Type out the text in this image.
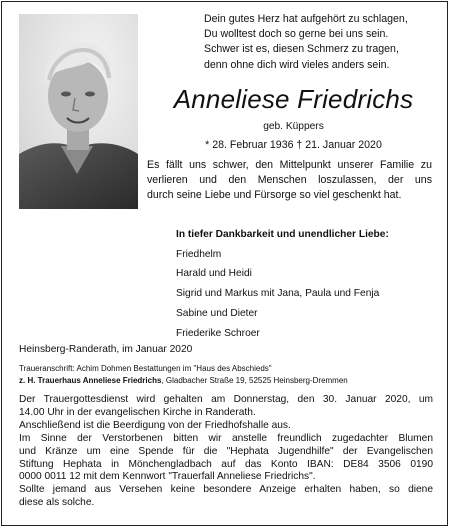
Dein gutes Herz hat aufgehört zu schlagen,
Du wolltest doch so gerne bei uns sein.
Schwer ist es, diesen Schmerz zu tragen,
denn ohne dich wird vieles anders sein.
Anneliese Friedrichs
geb. Küppers
* 28. Februar 1936 † 21. Januar 2020
Es fällt uns schwer, den Mittelpunkt unserer Familie zu
verlieren und den Menschen loszulassen, der uns
durch seine Liebe und Fürsorge so viel geschenkt hat.
In tiefer Dankbarkeit und unendlicher Liebe:
Friedhelm
Harald und Heidi
Sigrid und Markus mit Jana, Paula und Fenja
Sabine und Dieter
Friederike Schroer
Heinsberg-Randerath, im Januar 2020
Traueranschrift: Achim Dohmen Bestattungen im "Haus des Abschieds"
z. H. Trauerhaus Anneliese Friedrichs, Gladbacher Straße 19, 52525 Heinsberg-Dremmen
Der Trauergottesdienst wird gehalten am Donnerstag, den 30. Januar 2020, um
14.00 Uhr in der evangelischen Kirche in Randerath.
Anschließend ist die Beerdigung von der Friedhofshalle aus.
Im Sinne der Verstorbenen bitten wir anstelle freundlich zugedachter Blumen
und Kränze um eine Spende für die "Hephata Jugendhilfe" der Evangelischen
Stiftung Hephata in Mönchengladbach auf das Konto IBAN: DE84 3506 0190
0000 0011 12 mit dem Kennwort "Trauerfall Anneliese Friedrichs".
Sollte jemand aus Versehen keine besondere Anzeige erhalten haben, so diene
diese als solche.
